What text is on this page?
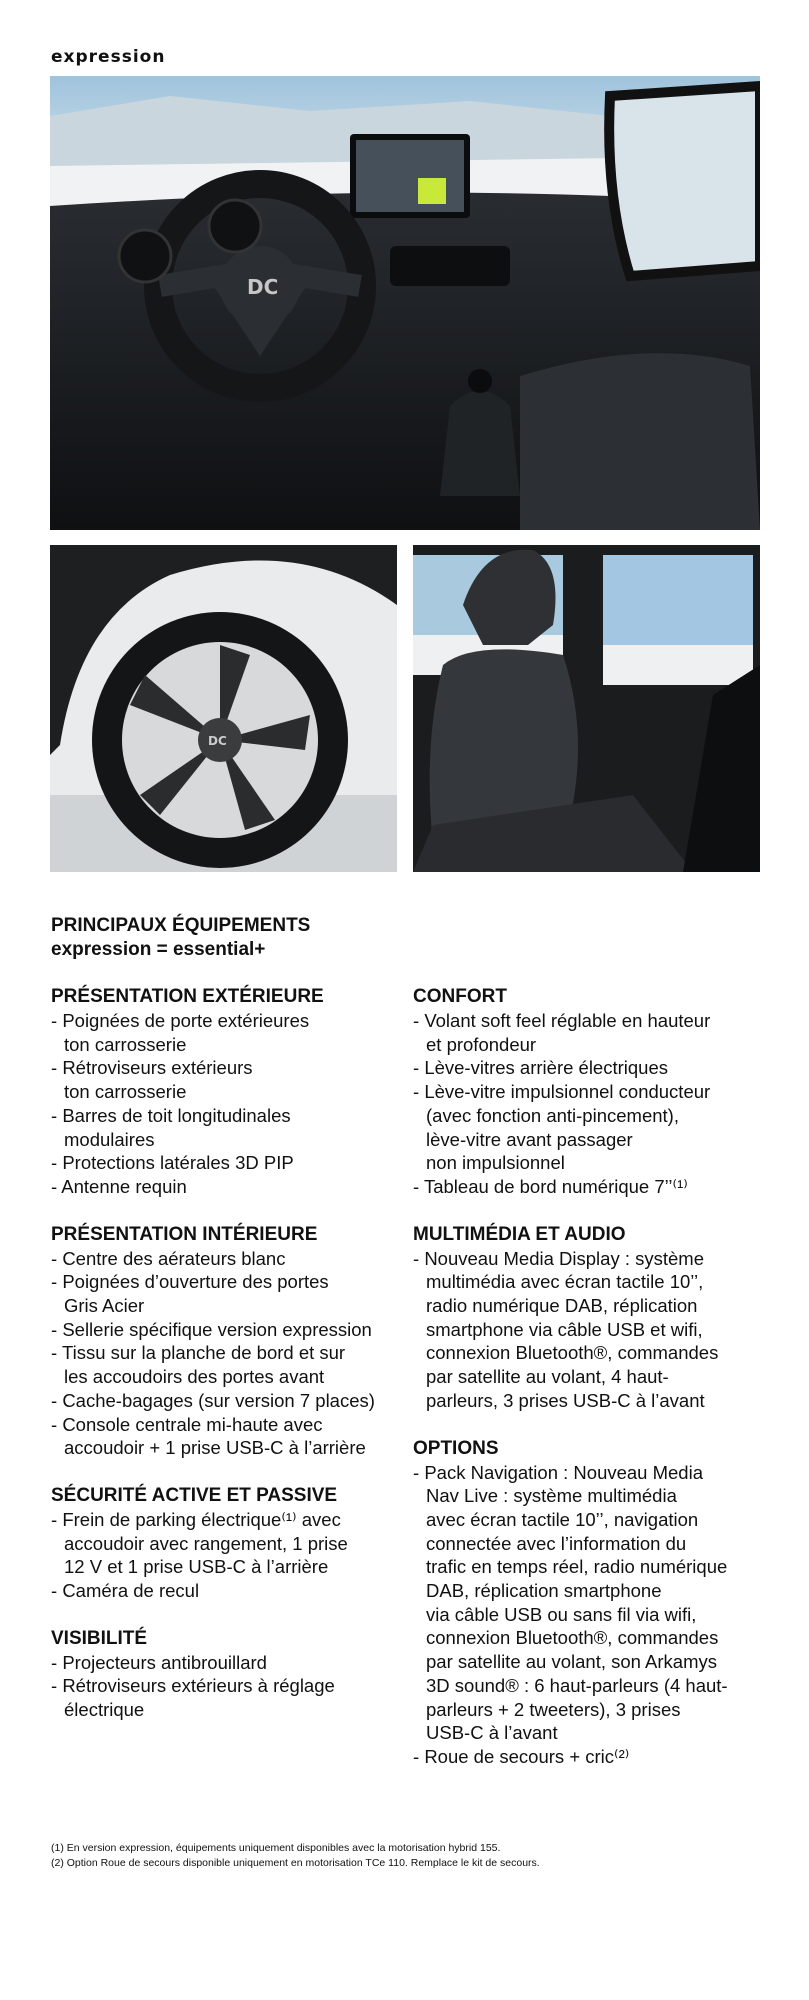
expression
DC
DC
PRINCIPAUX ÉQUIPEMENTS
expression = essential+
PRÉSENTATION EXTÉRIEURE
- Poignées de porte extérieures
ton carrosserie
- Rétroviseurs extérieurs
ton carrosserie
- Barres de toit longitudinales
modulaires
- Protections latérales 3D PIP
- Antenne requin
PRÉSENTATION INTÉRIEURE
- Centre des aérateurs blanc
- Poignées d’ouverture des portes
Gris Acier
- Sellerie spécifique version expression
- Tissu sur la planche de bord et sur
les accoudoirs des portes avant
- Cache-bagages (sur version 7 places)
- Console centrale mi-haute avec
accoudoir + 1 prise USB-C à l’arrière
SÉCURITÉ ACTIVE ET PASSIVE
- Frein de parking électrique⁽¹⁾ avec
accoudoir avec rangement, 1 prise
12 V et 1 prise USB-C à l’arrière
- Caméra de recul
VISIBILITÉ
- Projecteurs antibrouillard
- Rétroviseurs extérieurs à réglage
électrique
CONFORT
- Volant soft feel réglable en hauteur
et profondeur
- Lève-vitres arrière électriques
- Lève-vitre impulsionnel conducteur
(avec fonction anti-pincement),
lève-vitre avant passager
non impulsionnel
- Tableau de bord numérique 7’’⁽¹⁾
MULTIMÉDIA ET AUDIO
- Nouveau Media Display : système
multimédia avec écran tactile 10’’,
radio numérique DAB, réplication
smartphone via câble USB et wifi,
connexion Bluetooth®, commandes
par satellite au volant, 4 haut-
parleurs, 3 prises USB-C à l’avant
OPTIONS
- Pack Navigation : Nouveau Media
Nav Live : système multimédia
avec écran tactile 10’’, navigation
connectée avec l’information du
trafic en temps réel, radio numérique
DAB, réplication smartphone
via câble USB ou sans fil via wifi,
connexion Bluetooth®, commandes
par satellite au volant, son Arkamys
3D sound® : 6 haut-parleurs (4 haut-
parleurs + 2 tweeters), 3 prises
USB-C à l’avant
- Roue de secours + cric⁽²⁾
(1) En version expression, équipements uniquement disponibles avec la motorisation hybrid 155.
(2) Option Roue de secours disponible uniquement en motorisation TCe 110. Remplace le kit de secours.
